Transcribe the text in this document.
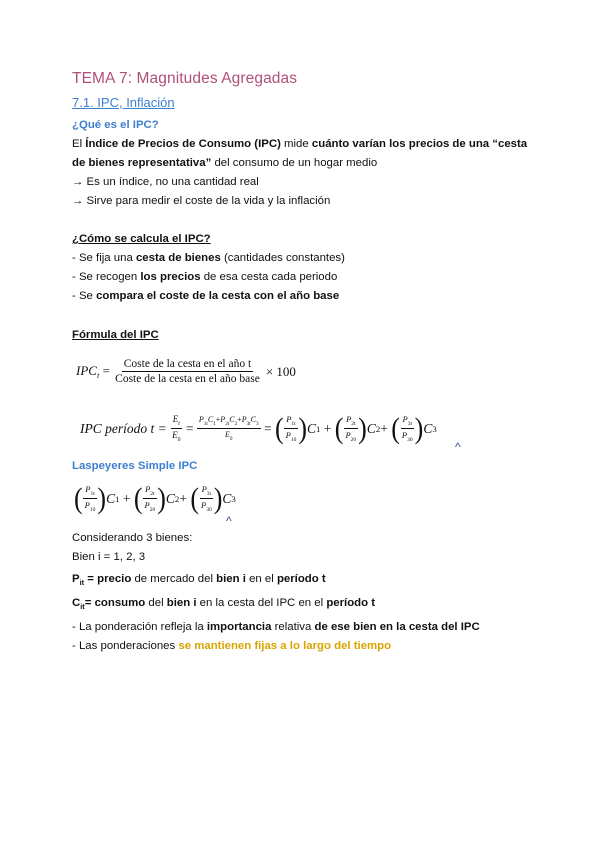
TEMA 7: Magnitudes Agregadas
7.1. IPC, Inflación
¿Qué es el IPC?
El Índice de Precios de Consumo (IPC) mide cuánto varían los precios de una “cesta
de bienes representativa” del consumo de un hogar medio
→ Es un índice, no una cantidad real
→ Sirve para medir el coste de la vida y la inflación
¿Cómo se calcula el IPC?
- Se fija una cesta de bienes (cantidades constantes)
- Se recogen los precios de esa cesta cada periodo
- Se compara el coste de la cesta con el año base
Fórmula del IPC
$IPC_t = \frac{\text{Coste de la cesta en el año t}}{\text{Coste de la cesta en el año base}} \times 100$
IPC período t =
$\frac{E_t}{E_0} = \frac{P_{1t}C_1+P_{2t}C_2+P_{3t}C_3}{E_0}$ = ( $\frac{P_{1t}}{P_{10}}$ ) C 1 + ( $\frac{P_{2t}}{P_{20}}$ ) C 2 + ( $\frac{P_{3t}}{P_{30}}$ ) C 3
^
Laspeyeres Simple IPC
( $\frac{P_{1t}}{P_{10}}$ ) C 1 + ( $\frac{P_{2t}}{P_{20}}$ ) C 2 + ( $\frac{P_{3t}}{P_{30}}$ ) C 3
^
Considerando 3 bienes:
Bien i = 1, 2, 3
$P_{it}$ = precio de mercado del bien i en el período t
$C_{it}=$ consumo del bien i en la cesta del IPC en el período t
- La ponderación refleja la importancia relativa de ese bien en la cesta del IPC
- Las ponderaciones se mantienen fijas a lo largo del tiempo
